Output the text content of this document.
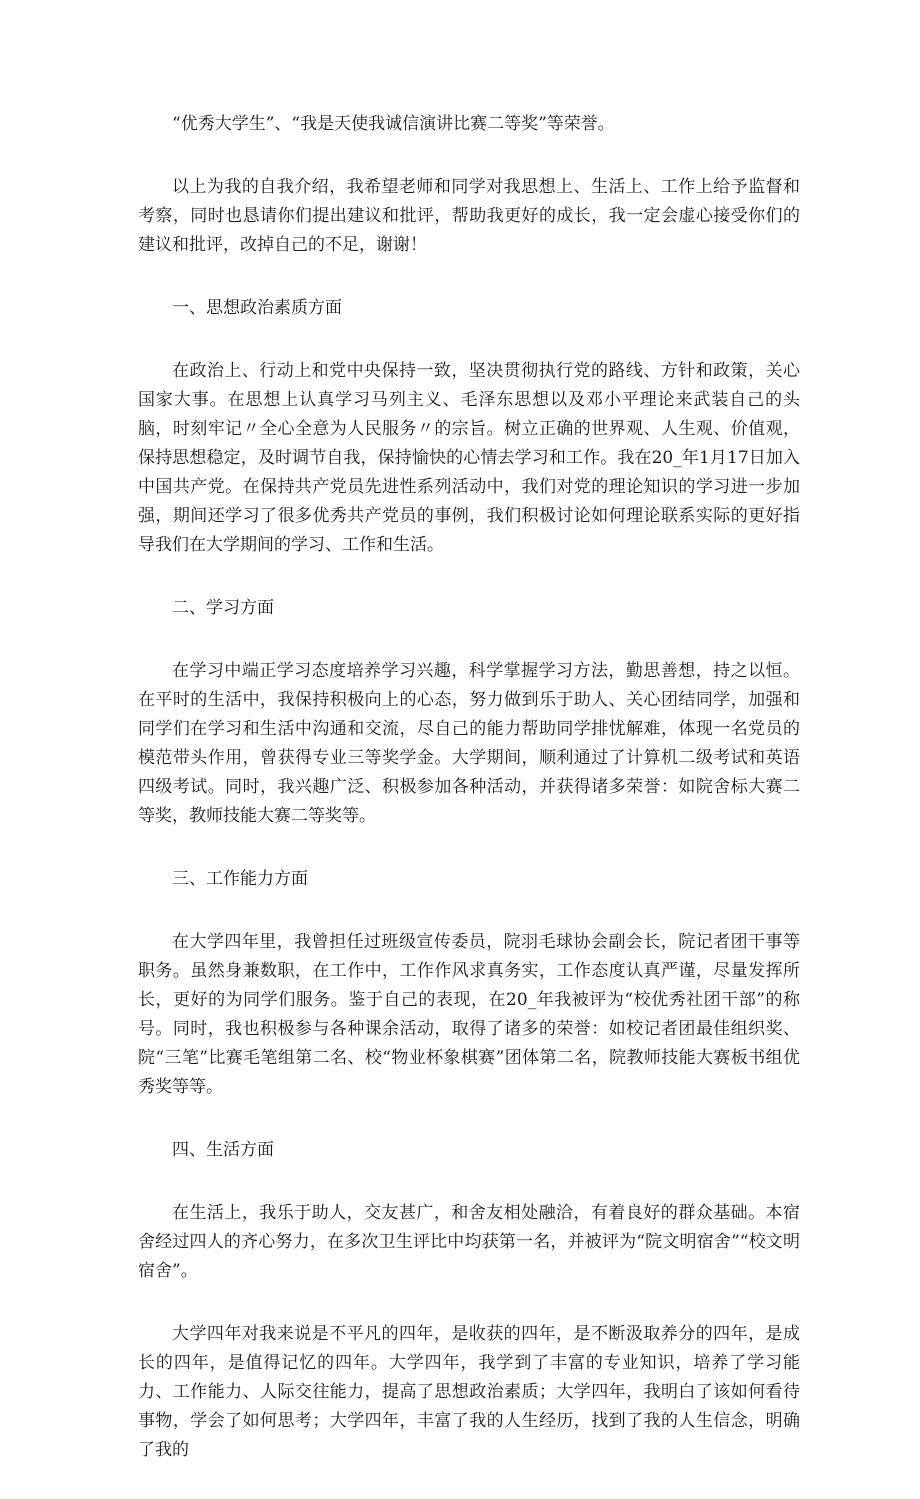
“优秀大学生”、“我是天使我诚信演讲比赛二等奖”等荣誉。

以上为我的自我介绍，我希望老师和同学对我思想上、生活上、工作上给予监督和考察，同时也恳请你们提出建议和批评，帮助我更好的成长，我一定会虚心接受你们的建议和批评，改掉自己的不足，谢谢！

一、思想政治素质方面

在政治上、行动上和党中央保持一致，坚决贯彻执行党的路线、方针和政策，关心国家大事。在思想上认真学习马列主义、毛泽东思想以及邓小平理论来武装自己的头脑，时刻牢记〃全心全意为人民服务〃的宗旨。树立正确的世界观、人生观、价值观，保持思想稳定，及时调节自我，保持愉快的心情去学习和工作。我在20_年1月17日加入中国共产党。在保持共产党员先进性系列活动中，我们对党的理论知识的学习进一步加强，期间还学习了很多优秀共产党员的事例，我们积极讨论如何理论联系实际的更好指导我们在大学期间的学习、工作和生活。

二、学习方面

在学习中端正学习态度培养学习兴趣，科学掌握学习方法，勤思善想，持之以恒。在平时的生活中，我保持积极向上的心态，努力做到乐于助人、关心团结同学，加强和同学们在学习和生活中沟通和交流，尽自己的能力帮助同学排忧解难，体现一名党员的模范带头作用，曾获得专业三等奖学金。大学期间，顺利通过了计算机二级考试和英语四级考试。同时，我兴趣广泛、积极参加各种活动，并获得诸多荣誉：如院舍标大赛二等奖，教师技能大赛二等奖等。

三、工作能力方面

在大学四年里，我曾担任过班级宣传委员，院羽毛球协会副会长，院记者团干事等职务。虽然身兼数职，在工作中，工作作风求真务实，工作态度认真严谨，尽量发挥所长，更好的为同学们服务。鉴于自己的表现，在20_年我被评为“校优秀社团干部”的称号。同时，我也积极参与各种课余活动，取得了诸多的荣誉：如校记者团最佳组织奖、院“三笔”比赛毛笔组第二名、校“物业杯象棋赛”团体第二名，院教师技能大赛板书组优秀奖等等。

四、生活方面

在生活上，我乐于助人，交友甚广，和舍友相处融洽，有着良好的群众基础。本宿舍经过四人的齐心努力，在多次卫生评比中均获第一名，并被评为“院文明宿舍”“校文明宿舍”。

大学四年对我来说是不平凡的四年，是收获的四年，是不断汲取养分的四年，是成长的四年，是值得记忆的四年。大学四年，我学到了丰富的专业知识，培养了学习能力、工作能力、人际交往能力，提高了思想政治素质；大学四年，我明白了该如何看待事物，学会了如何思考；大学四年，丰富了我的人生经历，找到了我的人生信念，明确了我的
